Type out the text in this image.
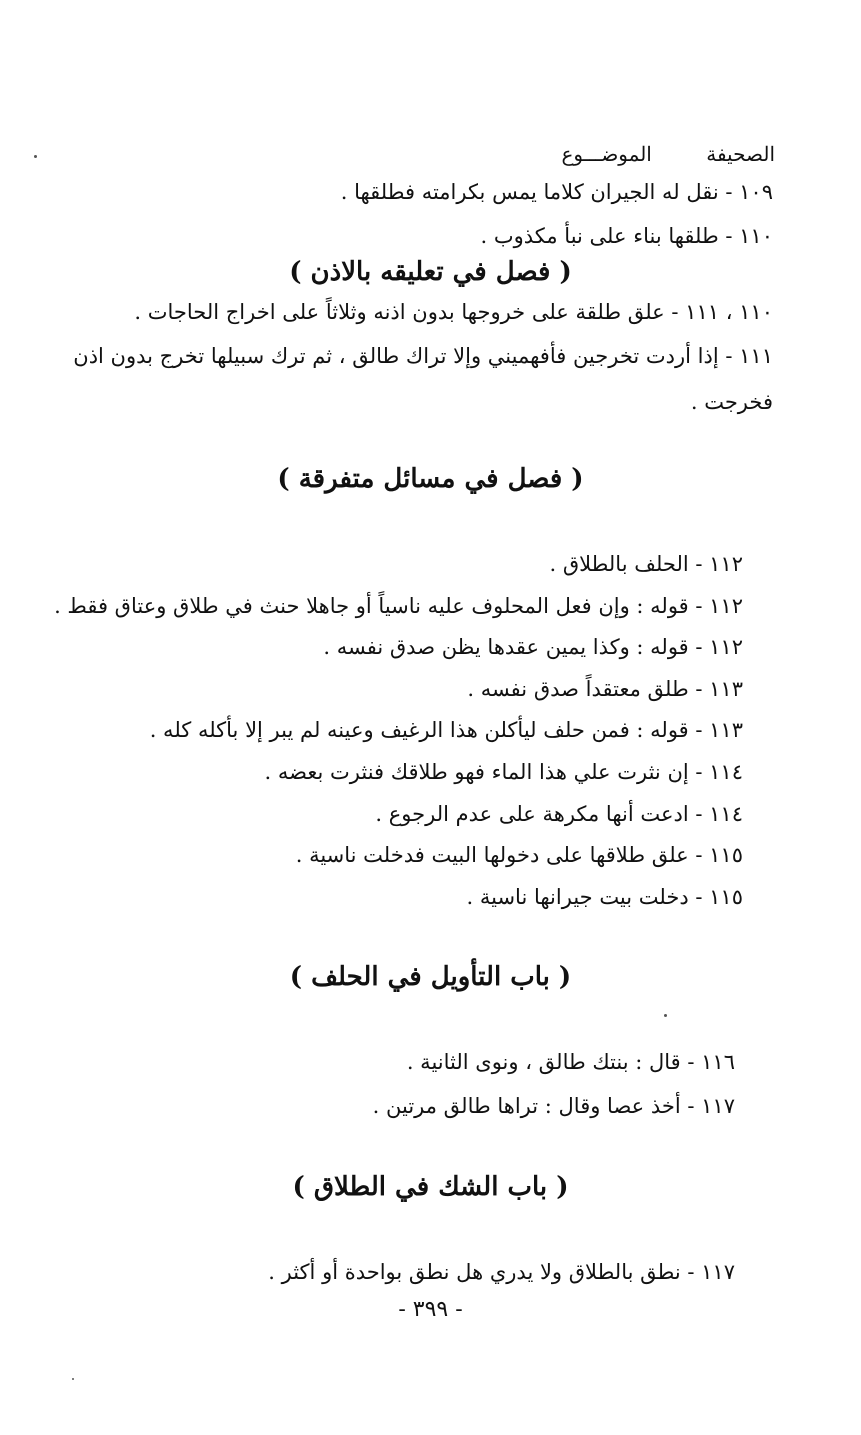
الصحيفة الموضـــوع
١٠٩ - نقل له الجيران كلاما يمس بكرامته فطلقها .
١١٠ - طلقها بناء على نبأ مكذوب .
( فصل في تعليقه بالاذن )
١١٠ ، ١١١ - علق طلقة على خروجها بدون اذنه وثلاثاً على اخراج الحاجات .
١١١ - إذا أردت تخرجين فأفهميني وإلا تراك طالق ، ثم ترك سبيلها تخرج بدون اذن
فخرجت .
( فصل في مسائل متفرقة )
١١٢ - الحلف بالطلاق .
١١٢ - قوله : وإن فعل المحلوف عليه ناسياً أو جاهلا حنث في طلاق وعتاق فقط .
١١٢ - قوله : وكذا يمين عقدها يظن صدق نفسه .
١١٣ - طلق معتقداً صدق نفسه .
١١٣ - قوله : فمن حلف ليأكلن هذا الرغيف وعينه لم يبر إلا بأكله كله .
١١٤ - إن نثرت علي هذا الماء فهو طلاقك فنثرت بعضه .
١١٤ - ادعت أنها مكرهة على عدم الرجوع .
١١٥ - علق طلاقها على دخولها البيت فدخلت ناسية .
١١٥ - دخلت بيت جيرانها ناسية .
( باب التأويل في الحلف )
١١٦ - قال : بنتك طالق ، ونوى الثانية .
١١٧ - أخذ عصا وقال : تراها طالق مرتين .
( باب الشك في الطلاق )
١١٧ - نطق بالطلاق ولا يدري هل نطق بواحدة أو أكثر .
- ٣٩٩ -
